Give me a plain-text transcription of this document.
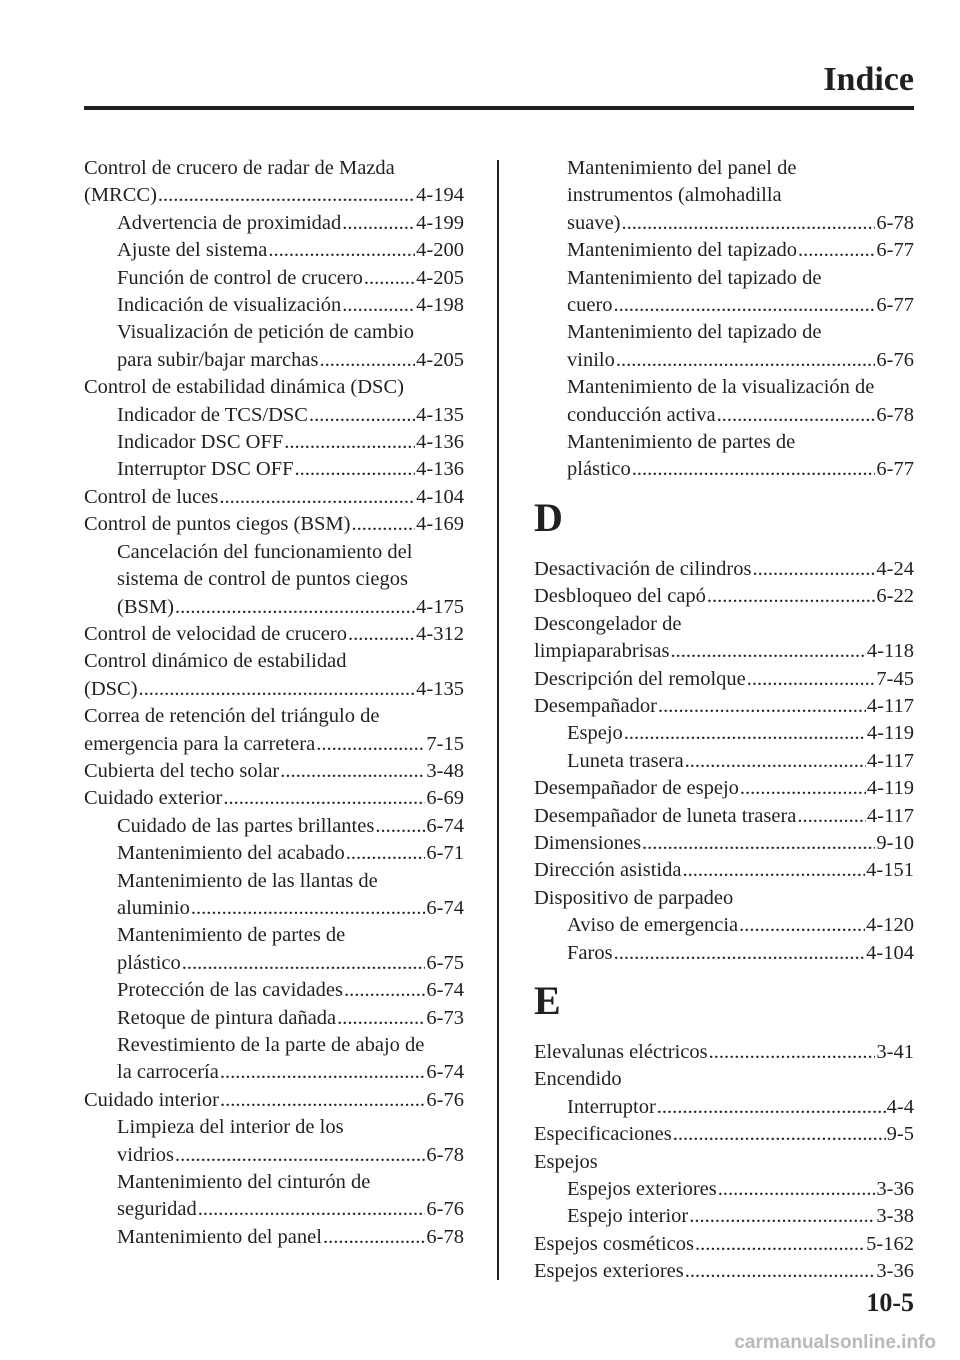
Indice
Control de crucero de radar de Mazda
(MRCC) .....	4-194
Advertencia de proximidad .....	4-199
Ajuste del sistema .....	4-200
Función de control de crucero .....	4-205
Indicación de visualización .....	4-198
Visualización de petición de cambio
para subir/bajar marchas .....	4-205
Control de estabilidad dinámica (DSC)
Indicador de TCS/DSC .....	4-135
Indicador DSC OFF .....	4-136
Interruptor DSC OFF .....	4-136
Control de luces .....	4-104
Control de puntos ciegos (BSM) .....	4-169
Cancelación del funcionamiento del
sistema de control de puntos ciegos
(BSM) .....	4-175
Control de velocidad de crucero .....	4-312
Control dinámico de estabilidad
(DSC) .....	4-135
Correa de retención del triángulo de
emergencia para la carretera .....	7-15
Cubierta del techo solar .....	3-48
Cuidado exterior .....	6-69
Cuidado de las partes brillantes .....	6-74
Mantenimiento del acabado .....	6-71
Mantenimiento de las llantas de
aluminio .....	6-74
Mantenimiento de partes de
plástico .....	6-75
Protección de las cavidades .....	6-74
Retoque de pintura dañada .....	6-73
Revestimiento de la parte de abajo de
la carrocería .....	6-74
Cuidado interior .....	6-76
Limpieza del interior de los
vidrios .....	6-78
Mantenimiento del cinturón de
seguridad .....	6-76
Mantenimiento del panel .....	6-78
Mantenimiento del panel de
instrumentos (almohadilla
suave) .....	6-78
Mantenimiento del tapizado .....	6-77
Mantenimiento del tapizado de
cuero .....	6-77
Mantenimiento del tapizado de
vinilo .....	6-76
Mantenimiento de la visualización de
conducción activa .....	6-78
Mantenimiento de partes de
plástico .....	6-77
D
Desactivación de cilindros .....	4-24
Desbloqueo del capó .....	6-22
Descongelador de
limpiaparabrisas .....	4-118
Descripción del remolque .....	7-45
Desempañador .....	4-117
Espejo .....	4-119
Luneta trasera .....	4-117
Desempañador de espejo .....	4-119
Desempañador de luneta trasera .....	4-117
Dimensiones .....	9-10
Dirección asistida .....	4-151
Dispositivo de parpadeo
Aviso de emergencia .....	4-120
Faros .....	4-104
E
Elevalunas eléctricos .....	3-41
Encendido
Interruptor .....	4-4
Especificaciones .....	9-5
Espejos
Espejos exteriores .....	3-36
Espejo interior .....	3-38
Espejos cosméticos .....	5-162
Espejos exteriores .....	3-36
10-5
carmanualsonline.info
